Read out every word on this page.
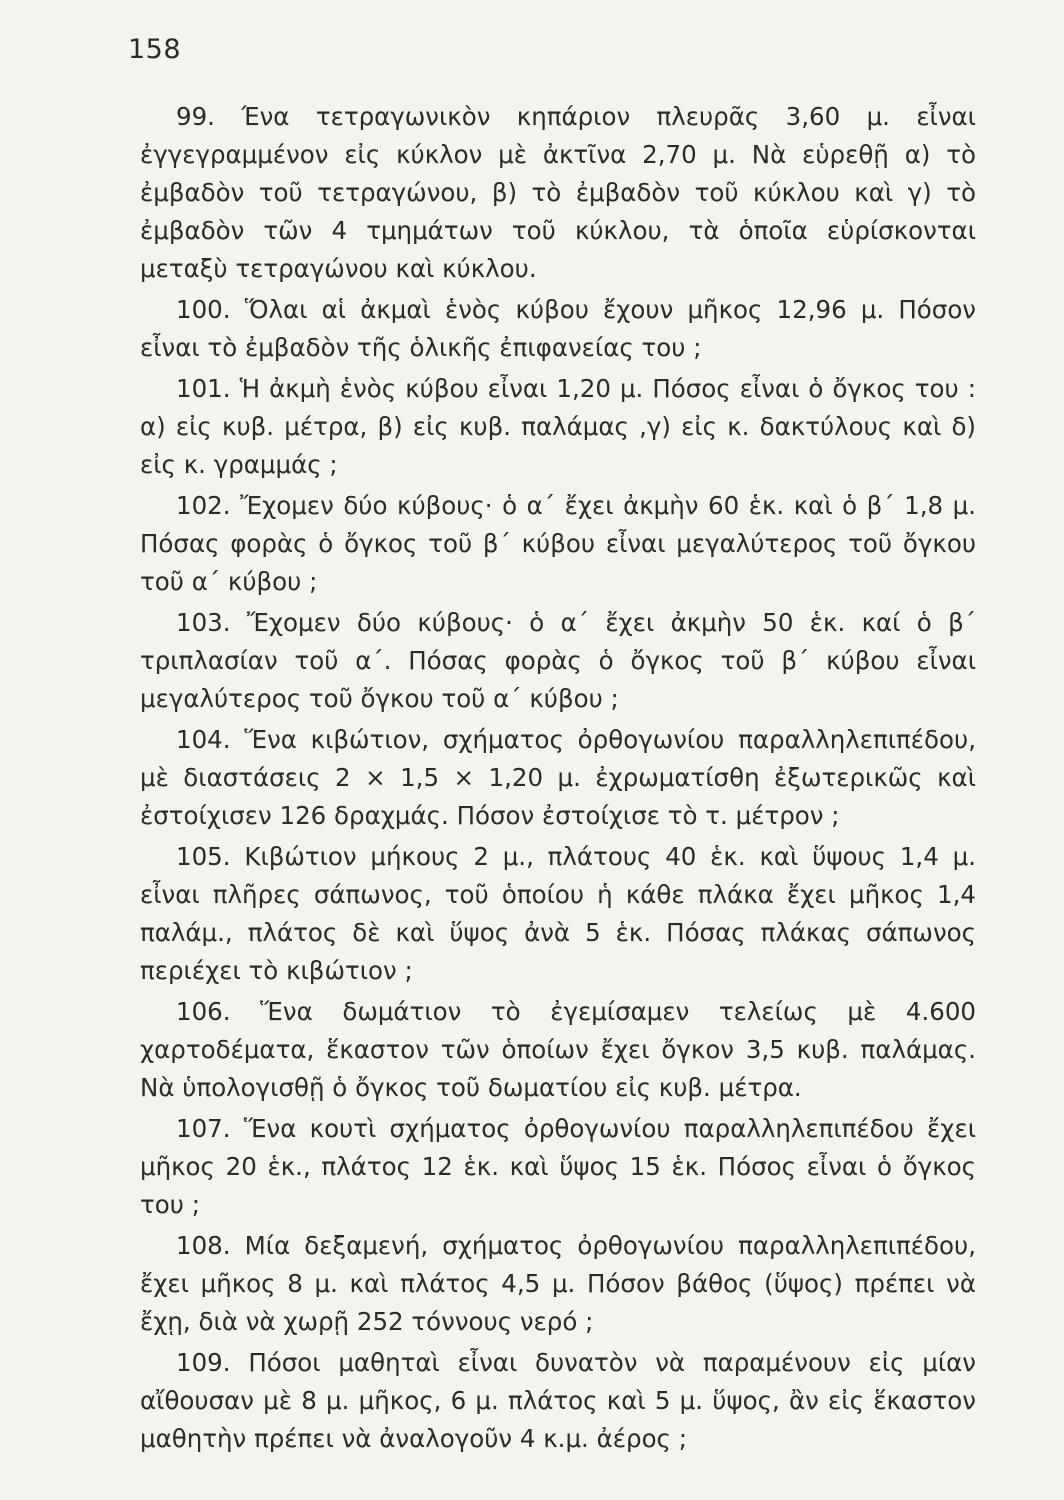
158

99. Ένα τετραγωνικὸν κηπάριον πλευρᾶς 3,60 μ. εἶναι ἐγγεγραμμένον εἰς κύκλον μὲ ἀκτῖνα 2,70 μ. Νὰ εὑρεθῇ α) τὸ ἐμβαδὸν τοῦ τετραγώνου, β) τὸ ἐμβαδὸν τοῦ κύκλου καὶ γ) τὸ ἐμβαδὸν τῶν 4 τμημάτων τοῦ κύκλου, τὰ ὁποῖα εὑρίσκονται μεταξὺ τετραγώνου καὶ κύκλου.

100. Ὅλαι αἱ ἀκμαὶ ἑνὸς κύβου ἔχουν μῆκος 12,96 μ. Πόσον εἶναι τὸ ἐμβαδὸν τῆς ὁλικῆς ἐπιφανείας του ;

101. Ἡ ἀκμὴ ἑνὸς κύβου εἶναι 1,20 μ. Πόσος εἶναι ὁ ὄγκος του : α) εἰς κυβ. μέτρα, β) εἰς κυβ. παλάμας ,γ) εἰς κ. δακτύλους καὶ δ) εἰς κ. γραμμάς ;

102. Ἔχομεν δύο κύβους· ὁ α΄ ἔχει ἀκμὴν 60 ἑκ. καὶ ὁ β΄ 1,8 μ. Πόσας φορὰς ὁ ὄγκος τοῦ β΄ κύβου εἶναι μεγαλύτερος τοῦ ὄγκου τοῦ α΄ κύβου ;

103. Ἔχομεν δύο κύβους· ὁ α΄ ἔχει ἀκμὴν 50 ἑκ. καί ὁ β΄ τριπλασίαν τοῦ α΄. Πόσας φορὰς ὁ ὄγκος τοῦ β΄ κύβου εἶναι μεγαλύτερος τοῦ ὄγκου τοῦ α΄ κύβου ;

104. Ἕνα κιβώτιον, σχήματος ὀρθογωνίου παραλληλεπιπέδου, μὲ διαστάσεις 2 × 1,5 × 1,20 μ. ἐχρωματίσθη ἐξωτερικῶς καὶ ἐστοίχισεν 126 δραχμάς. Πόσον ἐστοίχισε τὸ τ. μέτρον ;

105. Κιβώτιον μήκους 2 μ., πλάτους 40 ἑκ. καὶ ὕψους 1,4 μ. εἶναι πλῆρες σάπωνος, τοῦ ὁποίου ἡ κάθε πλάκα ἔχει μῆκος 1,4 παλάμ., πλάτος δὲ καὶ ὕψος ἀνὰ 5 ἑκ. Πόσας πλάκας σάπωνος περιέχει τὸ κιβώτιον ;

106. Ἕνα δωμάτιον τὸ ἐγεμίσαμεν τελείως μὲ 4.600 χαρτοδέματα, ἕκαστον τῶν ὁποίων ἔχει ὄγκον 3,5 κυβ. παλάμας. Νὰ ὑπολογισθῇ ὁ ὄγκος τοῦ δωματίου εἰς κυβ. μέτρα.

107. Ἕνα κουτὶ σχήματος ὀρθογωνίου παραλληλεπιπέδου ἔχει μῆκος 20 ἑκ., πλάτος 12 ἑκ. καὶ ὕψος 15 ἑκ. Πόσος εἶναι ὁ ὄγκος του ;

108. Μία δεξαμενή, σχήματος ὀρθογωνίου παραλληλεπιπέδου, ἔχει μῆκος 8 μ. καὶ πλάτος 4,5 μ. Πόσον βάθος (ὕψος) πρέπει νὰ ἔχῃ, διὰ νὰ χωρῇ 252 τόννους νερό ;

109. Πόσοι μαθηταὶ εἶναι δυνατὸν νὰ παραμένουν εἰς μίαν αἴθουσαν μὲ 8 μ. μῆκος, 6 μ. πλάτος καὶ 5 μ. ὕψος, ἂν εἰς ἕκαστον μαθητὴν πρέπει νὰ ἀναλογοῦν 4 κ.μ. ἀέρος ;
